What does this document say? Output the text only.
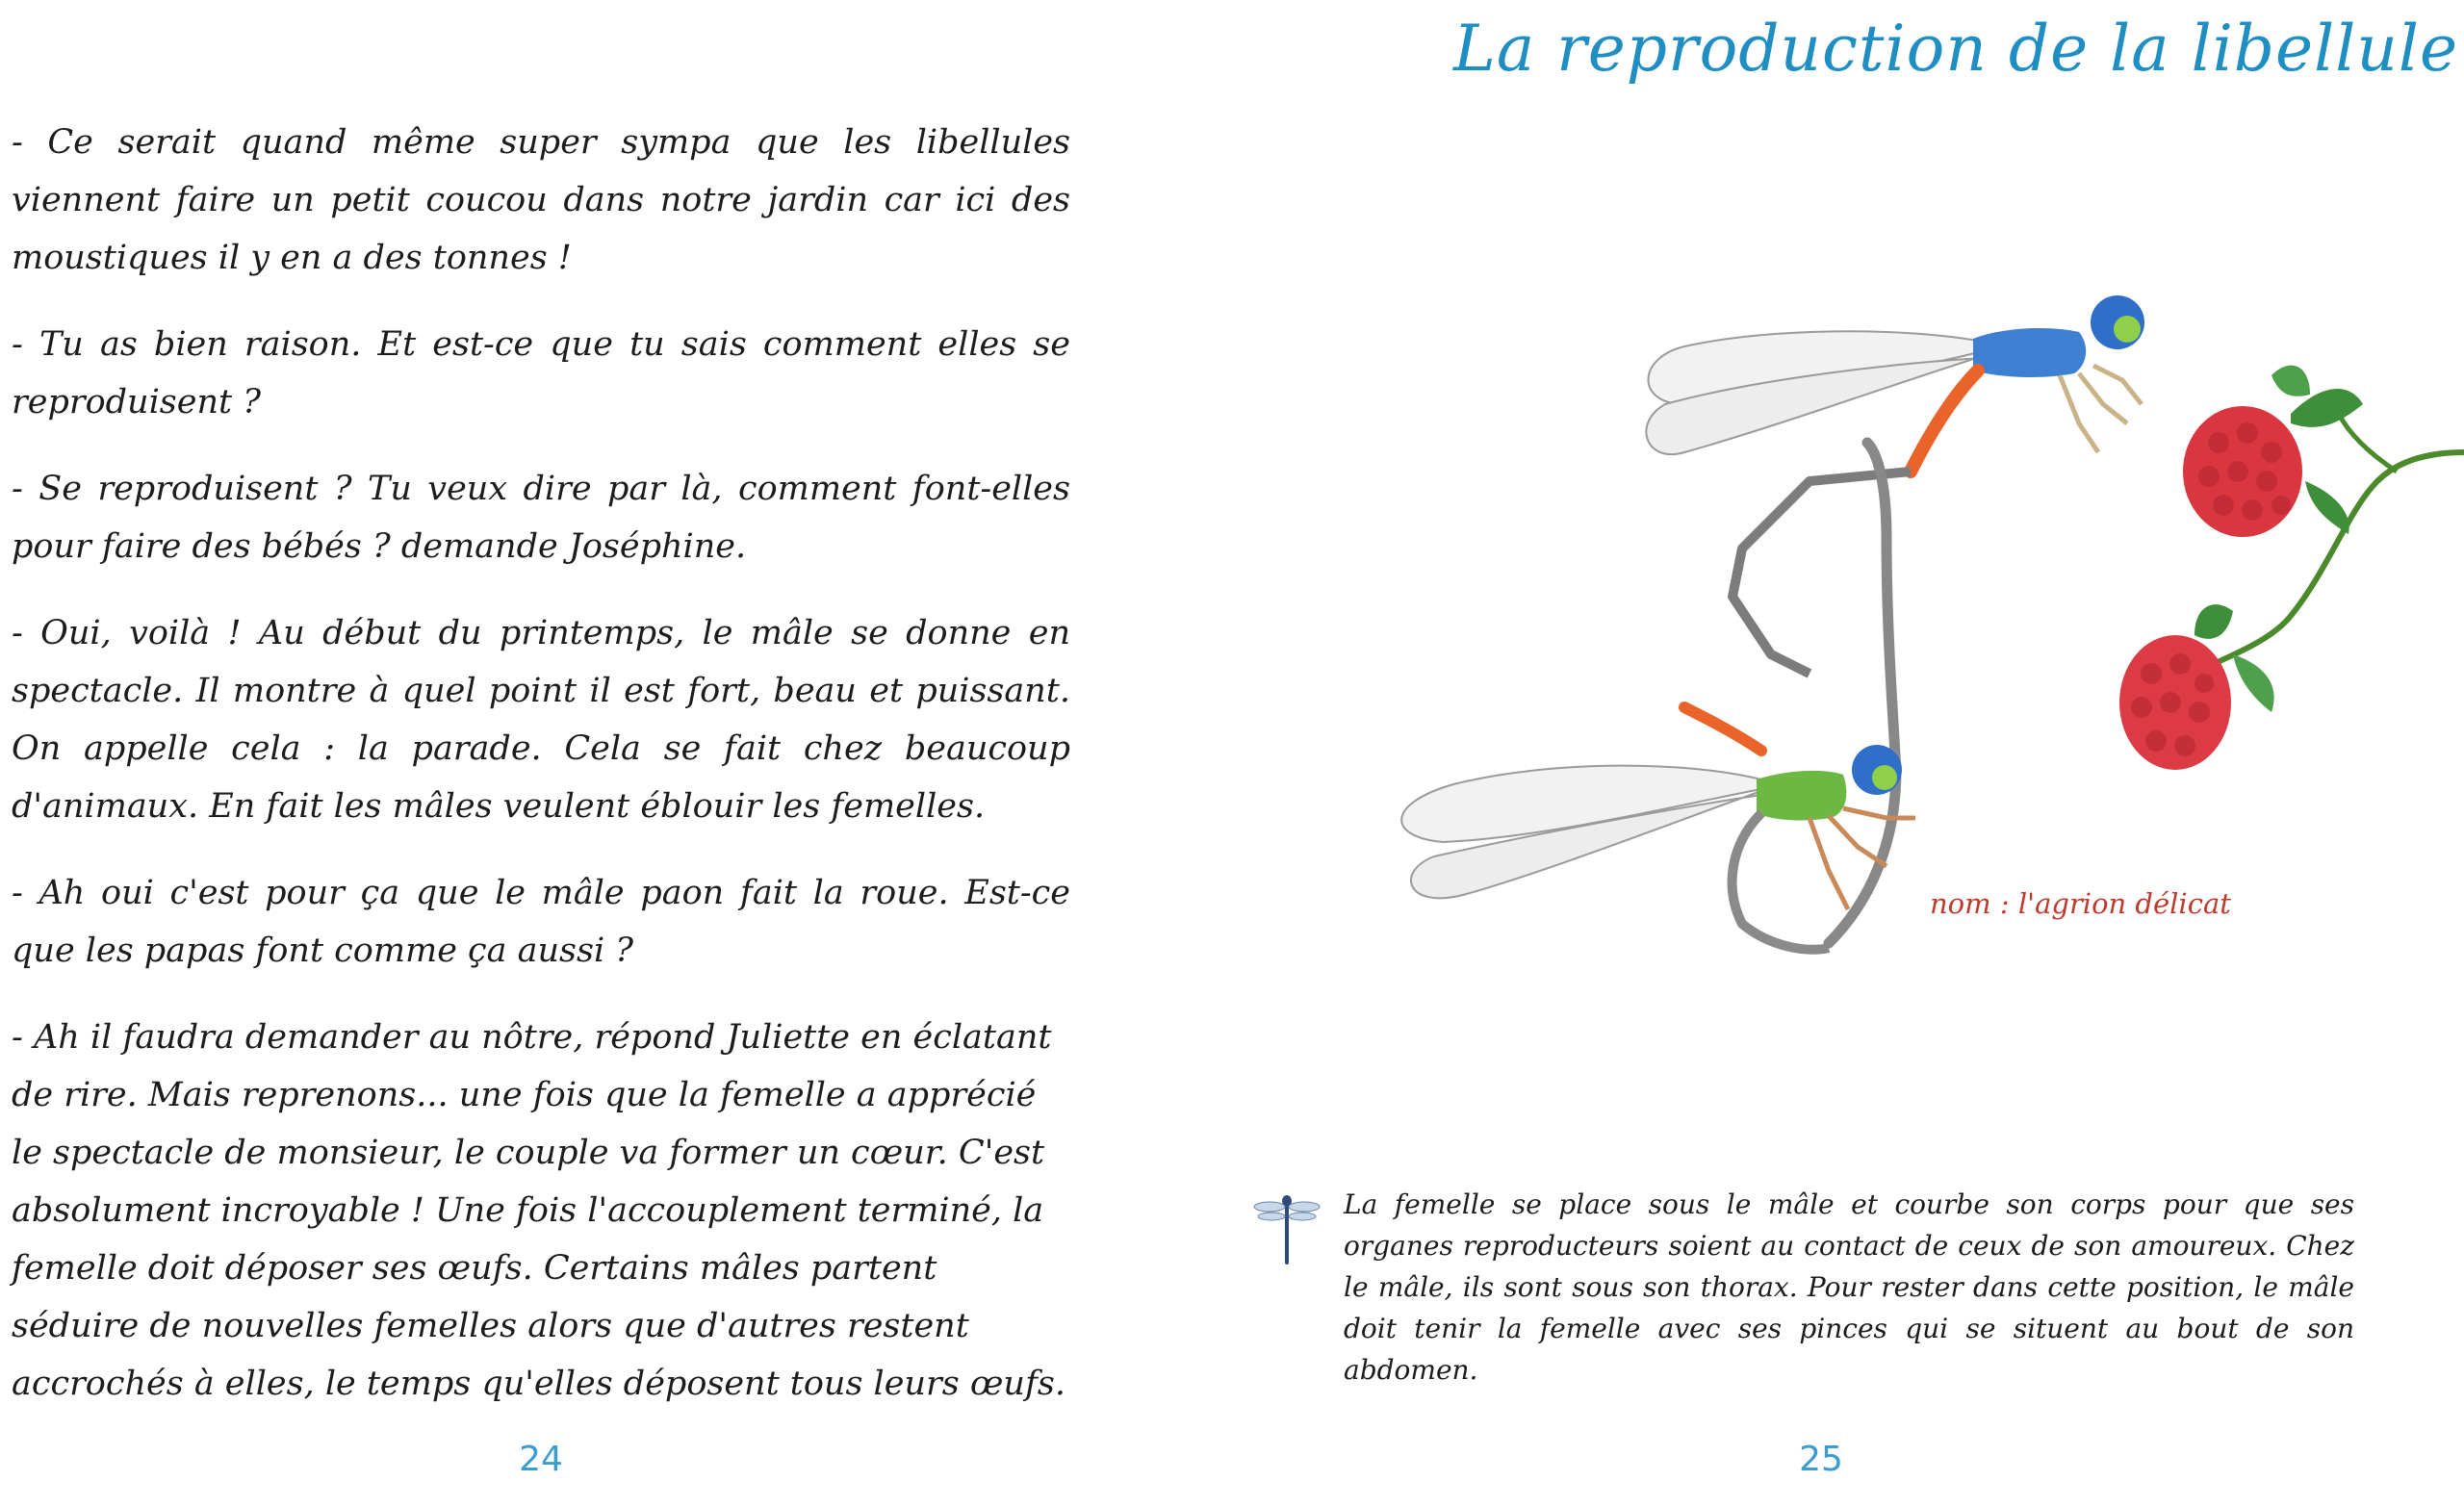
- Ce serait quand même super sympa que les libellules viennent faire un petit coucou dans notre jardin car ici des moustiques il y en a des tonnes !

- Tu as bien raison. Et est-ce que tu sais comment elles se reproduisent ?

- Se reproduisent ? Tu veux dire par là, comment font-elles pour faire des bébés ? demande Joséphine.

- Oui, voilà ! Au début du printemps, le mâle se donne en spectacle. Il montre à quel point il est fort, beau et puissant. On appelle cela : la parade. Cela se fait chez beaucoup d'animaux. En fait les mâles veulent éblouir les femelles.

- Ah oui c'est pour ça que le mâle paon fait la roue. Est-ce que les papas font comme ça aussi ?

- Ah il faudra demander au nôtre, répond Juliette en éclatant de rire. Mais reprenons... une fois que la femelle a apprécié le spectacle de monsieur, le couple va former un cœur. C'est absolument incroyable ! Une fois l'accouplement terminé, la femelle doit déposer ses œufs. Certains mâles partent séduire de nouvelles femelles alors que d'autres restent accrochés à elles, le temps qu'elles déposent tous leurs œufs.

24
La reproduction de la libellule
nom : l'agrion délicat
La femelle se place sous le mâle et courbe son corps pour que ses organes reproducteurs soient au contact de ceux de son amoureux. Chez le mâle, ils sont sous son thorax. Pour rester dans cette position, le mâle doit tenir la femelle avec ses pinces qui se situent au bout de son abdomen.
25
